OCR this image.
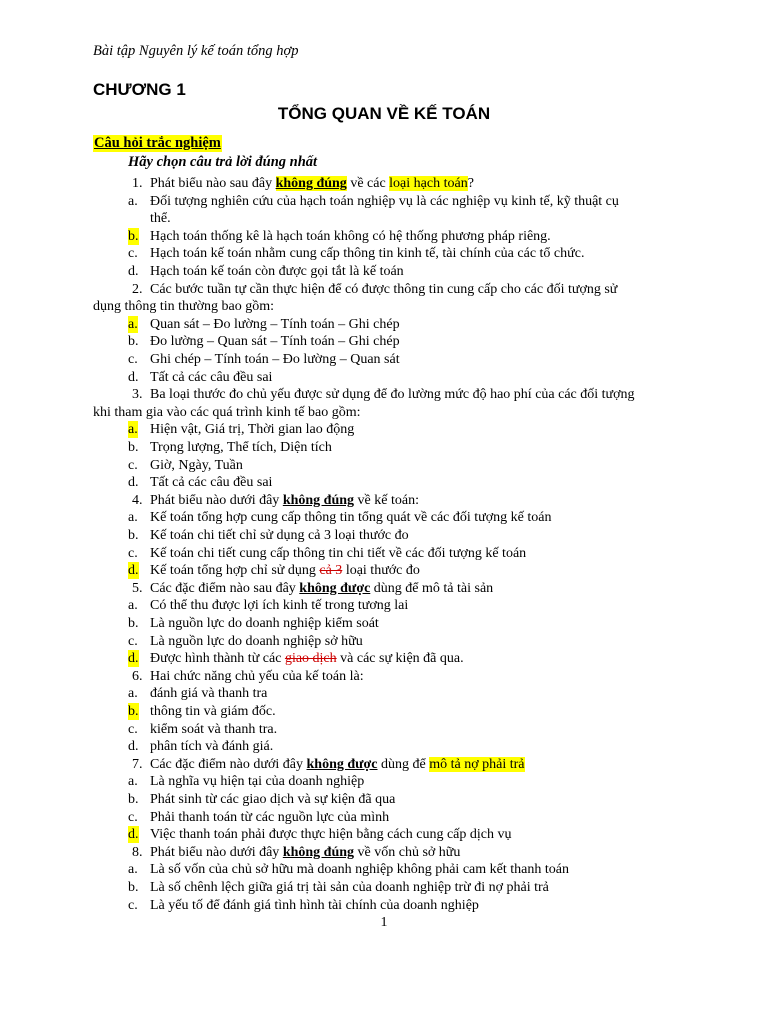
Bài tập Nguyên lý kế toán tổng hợp
CHƯƠNG 1
TỔNG QUAN VỀ KẾ TOÁN
Câu hỏi trắc nghiệm
Hãy chọn câu trả lời đúng nhất
1. Phát biểu nào sau đây không đúng về các loại hạch toán?
a. Đối tượng nghiên cứu của hạch toán nghiệp vụ là các nghiệp vụ kinh tế, kỹ thuật cụ
thể.
b. Hạch toán thống kê là hạch toán không có hệ thống phương pháp riêng.
c. Hạch toán kế toán nhằm cung cấp thông tin kinh tế, tài chính của các tổ chức.
d. Hạch toán kế toán còn được gọi tắt là kế toán
2. Các bước tuần tự cần thực hiện để có được thông tin cung cấp cho các đối tượng sử
dụng thông tin thường bao gồm:
a. Quan sát – Đo lường – Tính toán – Ghi chép
b. Đo lường – Quan sát – Tính toán – Ghi chép
c. Ghi chép – Tính toán – Đo lường – Quan sát
d. Tất cả các câu đều sai
3. Ba loại thước đo chủ yếu được sử dụng để đo lường mức độ hao phí của các đối tượng
khi tham gia vào các quá trình kinh tế bao gồm:
a. Hiện vật, Giá trị, Thời gian lao động
b. Trọng lượng, Thể tích, Diện tích
c. Giờ, Ngày, Tuần
d. Tất cả các câu đều sai
4. Phát biểu nào dưới đây không đúng về kế toán:
a. Kế toán tổng hợp cung cấp thông tin tổng quát về các đối tượng kế toán
b. Kế toán chi tiết chỉ sử dụng cả 3 loại thước đo
c. Kế toán chi tiết cung cấp thông tin chi tiết về các đối tượng kế toán
d. Kế toán tổng hợp chỉ sử dụng cả 3 loại thước đo
5. Các đặc điểm nào sau đây không được dùng để mô tả tài sản
a. Có thể thu được lợi ích kinh tế trong tương lai
b. Là nguồn lực do doanh nghiệp kiểm soát
c. Là nguồn lực do doanh nghiệp sở hữu
d. Được hình thành từ các giao dịch và các sự kiện đã qua.
6. Hai chức năng chủ yếu của kế toán là:
a. đánh giá và thanh tra
b. thông tin và giám đốc.
c. kiểm soát và thanh tra.
d. phân tích và đánh giá.
7. Các đặc điểm nào dưới đây không được dùng để mô tả nợ phải trả
a. Là nghĩa vụ hiện tại của doanh nghiệp
b. Phát sinh từ các giao dịch và sự kiện đã qua
c. Phải thanh toán từ các nguồn lực của mình
d. Việc thanh toán phải được thực hiện bằng cách cung cấp dịch vụ
8. Phát biểu nào dưới đây không đúng về vốn chủ sở hữu
a. Là số vốn của chủ sở hữu mà doanh nghiệp không phải cam kết thanh toán
b. Là số chênh lệch giữa giá trị tài sản của doanh nghiệp trừ đi nợ phải trả
c. Là yếu tố để đánh giá tình hình tài chính của doanh nghiệp
1
